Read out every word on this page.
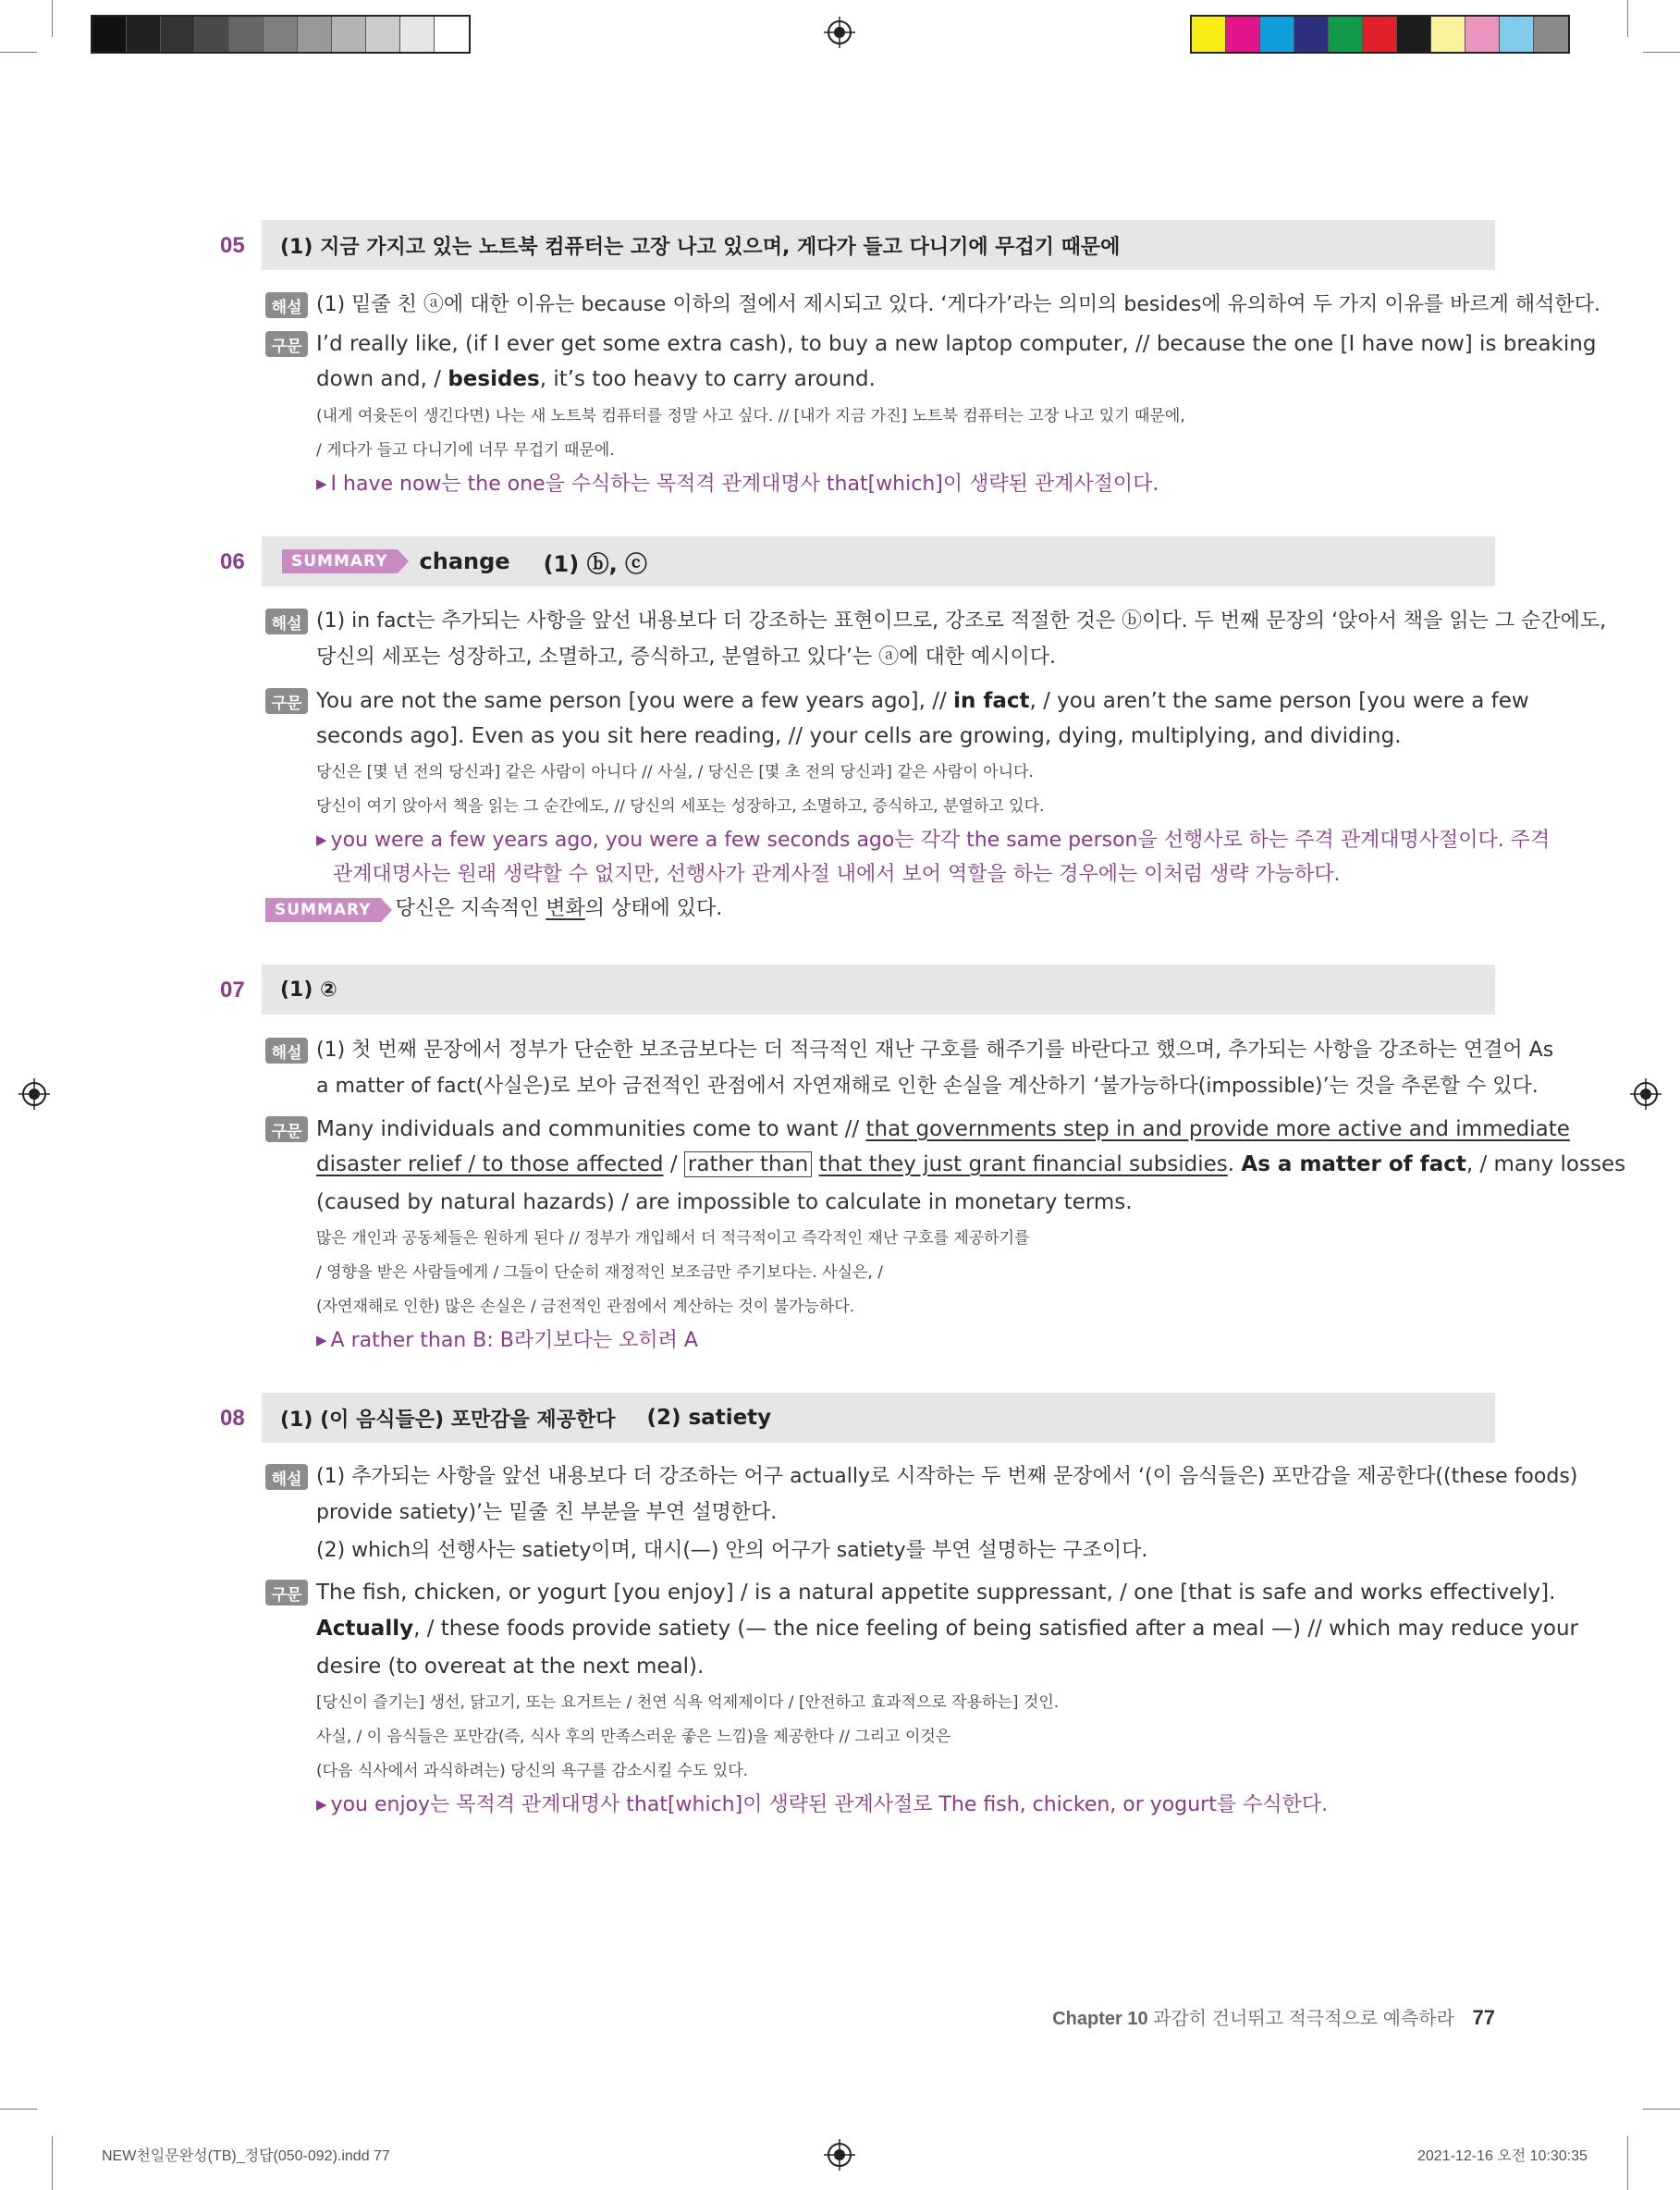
05 (1) 지금 가지고 있는 노트북 컴퓨터는 고장 나고 있으며, 게다가 들고 다니기에 무겁기 때문에
해설 (1) 밑줄 친 ⓐ에 대한 이유는 because 이하의 절에서 제시되고 있다. ‘게다가’라는 의미의 besides에 유의하여 두 가지 이유를 바르게 해석한다.
구문 I’d really like, (if I ever get some extra cash), to buy a new laptop computer, // because the one [I have now] is breaking
down and, / besides, it’s too heavy to carry around.
(내게 여윳돈이 생긴다면) 나는 새 노트북 컴퓨터를 정말 사고 싶다. // [내가 지금 가진] 노트북 컴퓨터는 고장 나고 있기 때문에,
/ 게다가 들고 다니기에 너무 무겁기 때문에.
▶ I have now는 the one을 수식하는 목적격 관계대명사 that[which]이 생략된 관계사절이다.
06	SUMMARY	change (1) ⓑ, ⓒ
해설 (1) in fact는 추가되는 사항을 앞선 내용보다 더 강조하는 표현이므로, 강조로 적절한 것은 ⓑ이다. 두 번째 문장의 ‘앉아서 책을 읽는 그 순간에도,
당신의 세포는 성장하고, 소멸하고, 증식하고, 분열하고 있다’는 ⓐ에 대한 예시이다.
구문 You are not the same person [you were a few years ago], // in fact, / you aren’t the same person [you were a few
seconds ago]. Even as you sit here reading, // your cells are growing, dying, multiplying, and dividing.
당신은 [몇 년 전의 당신과] 같은 사람이 아니다 // 사실, / 당신은 [몇 초 전의 당신과] 같은 사람이 아니다.
당신이 여기 앉아서 책을 읽는 그 순간에도, // 당신의 세포는 성장하고, 소멸하고, 증식하고, 분열하고 있다.
▶ you were a few years ago, you were a few seconds ago는 각각 the same person을 선행사로 하는 주격 관계대명사절이다. 주격
관계대명사는 원래 생략할 수 없지만, 선행사가 관계사절 내에서 보어 역할을 하는 경우에는 이처럼 생략 가능하다.
SUMMARY 당신은 지속적인 변화의 상태에 있다.
07 (1) ②
해설 (1) 첫 번째 문장에서 정부가 단순한 보조금보다는 더 적극적인 재난 구호를 해주기를 바란다고 했으며, 추가되는 사항을 강조하는 연결어 As
a matter of fact(사실은)로 보아 금전적인 관점에서 자연재해로 인한 손실을 계산하기 ‘불가능하다(impossible)’는 것을 추론할 수 있다.
구문 Many individuals and communities come to want // that governments step in and provide more active and immediate
disaster relief / to those affected / rather than that they just grant financial subsidies. As a matter of fact, / many losses
(caused by natural hazards) / are impossible to calculate in monetary terms.
많은 개인과 공동체들은 원하게 된다 // 정부가 개입해서 더 적극적이고 즉각적인 재난 구호를 제공하기를
/ 영향을 받은 사람들에게 / 그들이 단순히 재정적인 보조금만 주기보다는. 사실은, /
(자연재해로 인한) 많은 손실은 / 금전적인 관점에서 계산하는 것이 불가능하다.
▶ A rather than B: B라기보다는 오히려 A
08 (1) (이 음식들은) 포만감을 제공한다 (2) satiety
해설 (1) 추가되는 사항을 앞선 내용보다 더 강조하는 어구 actually로 시작하는 두 번째 문장에서 ‘(이 음식들은) 포만감을 제공한다((these foods)
provide satiety)’는 밑줄 친 부분을 부연 설명한다.
(2) which의 선행사는 satiety이며, 대시(—) 안의 어구가 satiety를 부연 설명하는 구조이다.
구문 The fish, chicken, or yogurt [you enjoy] / is a natural appetite suppressant, / one [that is safe and works effectively].
Actually, / these foods provide satiety (— the nice feeling of being satisfied after a meal —) // which may reduce your
desire (to overeat at the next meal).
[당신이 즐기는] 생선, 닭고기, 또는 요거트는 / 천연 식욕 억제제이다 / [안전하고 효과적으로 작용하는] 것인.
사실, / 이 음식들은 포만감(즉, 식사 후의 만족스러운 좋은 느낌)을 제공한다 // 그리고 이것은
(다음 식사에서 과식하려는) 당신의 욕구를 감소시킬 수도 있다.
▶ you enjoy는 목적격 관계대명사 that[which]이 생략된 관계사절로 The fish, chicken, or yogurt를 수식한다.
Chapter 10 과감히 건너뛰고 적극적으로 예측하라 77
NEW천일문완성(TB)_정답(050-092).indd 77	2021-12-16 오전 10:30:35
